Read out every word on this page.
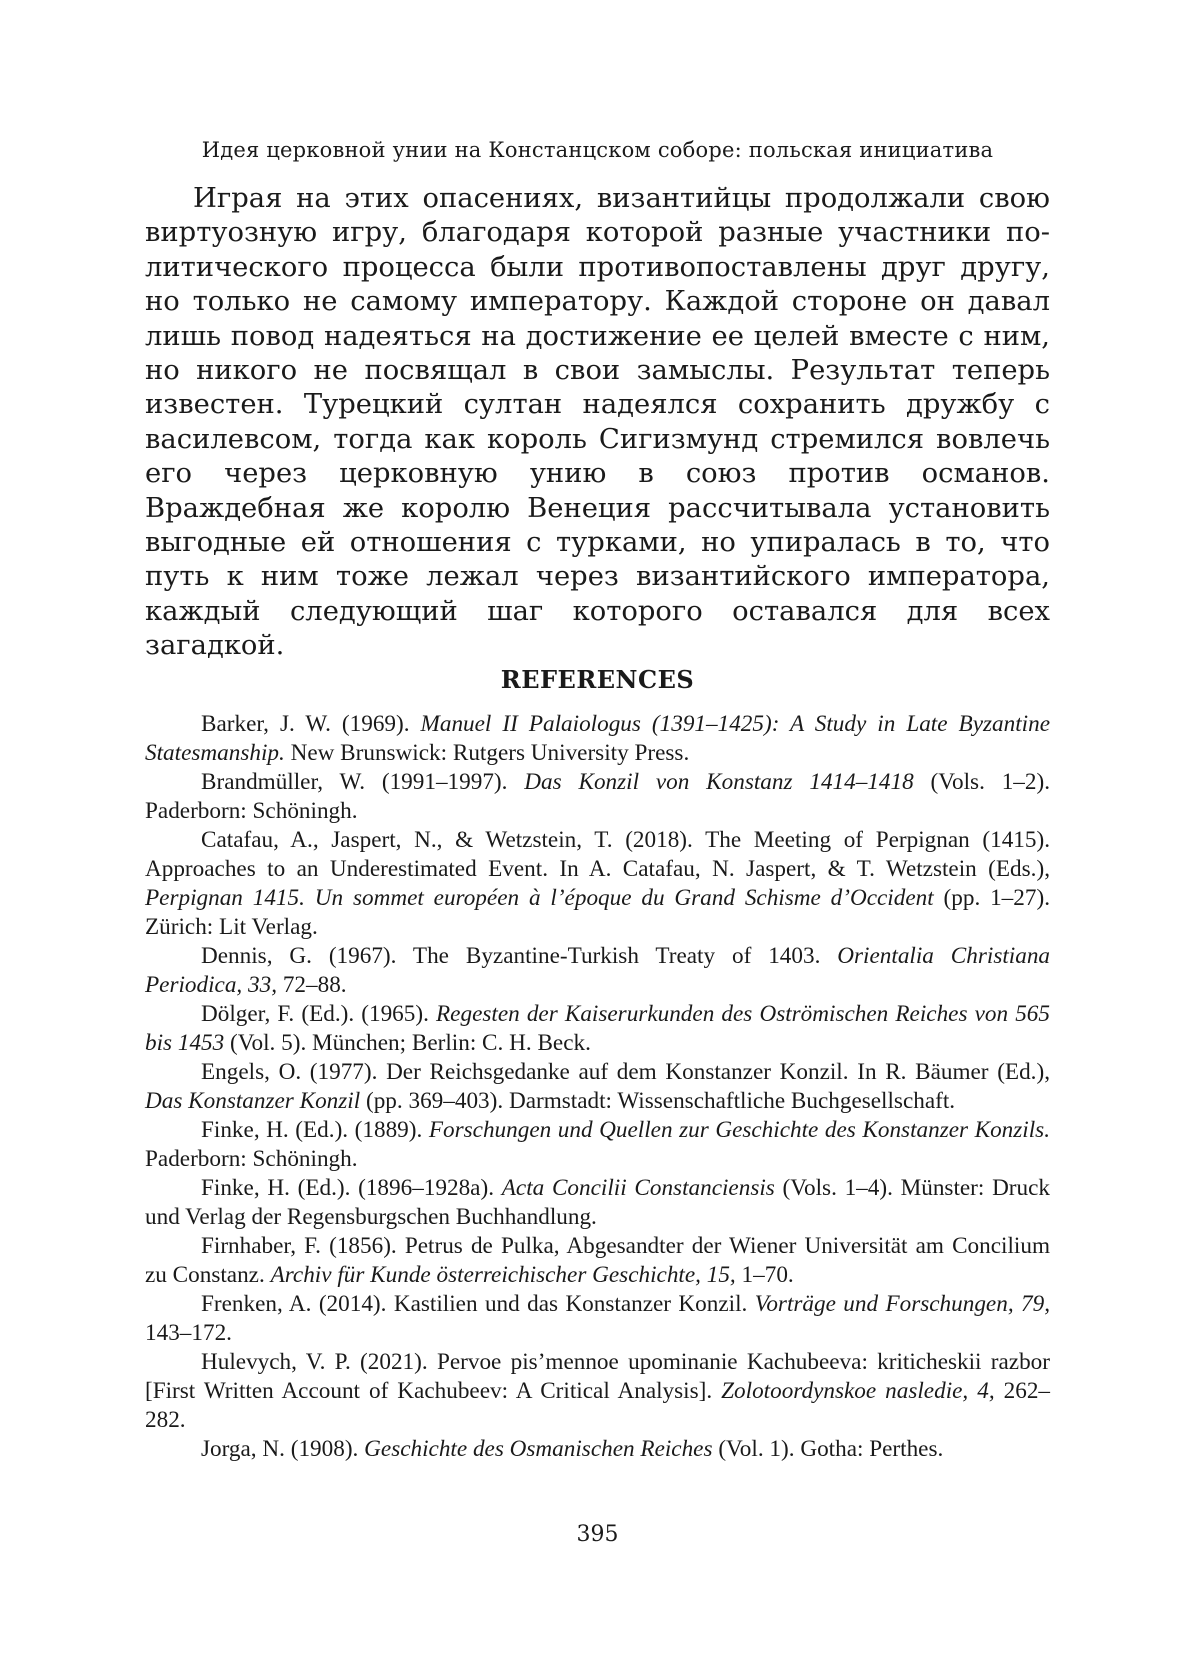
Идея церковной унии на Констанцском соборе: польская инициатива

Играя на этих опасениях, византийцы продолжали свою виртуозную игру, благодаря которой разные участники политического процесса были противопоставлены друг другу, но только не самому императору. Каждой стороне он давал лишь повод надеяться на достижение ее целей вместе с ним, но никого не посвящал в свои замыслы. Результат теперь известен. Турецкий султан надеялся сохранить дружбу с василевсом, тогда как король Сигизмунд стремился вовлечь его через церковную унию в союз против османов. Враждебная же королю Венеция рассчитывала установить выгодные ей отношения с турками, но упиралась в то, что путь к ним тоже лежал через византийского императора, каждый следующий шаг которого оставался для всех загадкой.

REFERENCES
Barker, J. W. (1969). Manuel II Palaiologus (1391–1425): A Study in Late Byzantine Statesmanship. New Brunswick: Rutgers University Press.
Brandmüller, W. (1991–1997). Das Konzil von Konstanz 1414–1418 (Vols. 1–2). Paderborn: Schöningh.
Catafau, A., Jaspert, N., & Wetzstein, T. (2018). The Meeting of Perpignan (1415). Approaches to an Underestimated Event. In A. Catafau, N. Jaspert, & T. Wetzstein (Eds.), Perpignan 1415. Un sommet européen à l’époque du Grand Schisme d’Occident (pp. 1–27). Zürich: Lit Verlag.
Dennis, G. (1967). The Byzantine-Turkish Treaty of 1403. Orientalia Christiana Periodica, 33, 72–88.
Dölger, F. (Ed.). (1965). Regesten der Kaiserurkunden des Oströmischen Reiches von 565 bis 1453 (Vol. 5). München; Berlin: C. H. Beck.
Engels, O. (1977). Der Reichsgedanke auf dem Konstanzer Konzil. In R. Bäumer (Ed.), Das Konstanzer Konzil (pp. 369–403). Darmstadt: Wissenschaftliche Buchgesellschaft.
Finke, H. (Ed.). (1889). Forschungen und Quellen zur Geschichte des Konstanzer Konzils. Paderborn: Schöningh.
Finke, H. (Ed.). (1896–1928a). Acta Concilii Constanciensis (Vols. 1–4). Münster: Druck und Verlag der Regensburgschen Buchhandlung.
Firnhaber, F. (1856). Petrus de Pulka, Abgesandter der Wiener Universität am Concilium zu Constanz. Archiv für Kunde österreichischer Geschichte, 15, 1–70.
Frenken, A. (2014). Kastilien und das Konstanzer Konzil. Vorträge und Forschungen, 79, 143–172.
Hulevych, V. P. (2021). Pervoe pis’mennoe upominanie Kachubeeva: kriticheskii razbor [First Written Account of Kachubeev: A Critical Analysis]. Zolotoordynskoe nasledie, 4, 262–282.
Jorga, N. (1908). Geschichte des Osmanischen Reiches (Vol. 1). Gotha: Perthes.
395
